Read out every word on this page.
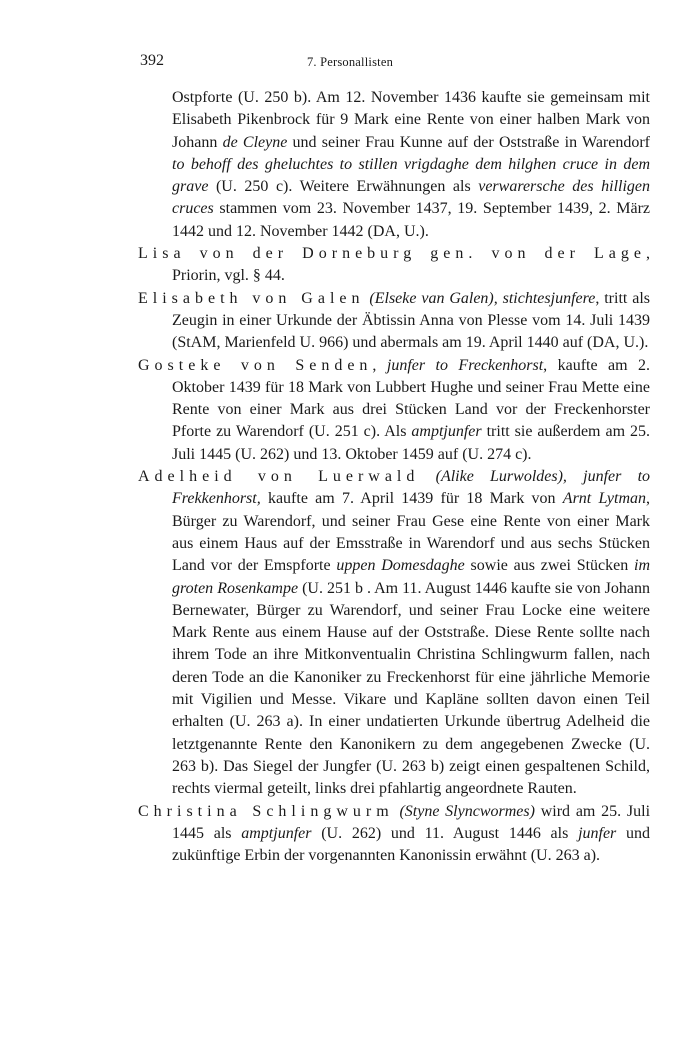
392	7. Personallisten

Ostpforte (U. 250 b). Am 12. November 1436 kaufte sie gemeinsam mit Elisabeth Pikenbrock für 9 Mark eine Rente von einer halben Mark von Johann de Cleyne und seiner Frau Kunne auf der Oststraße in Warendorf to behoff des gheluchtes to stillen vrigdaghe dem hilghen cruce in dem grave (U. 250 c). Weitere Erwähnungen als verwarersche des hilligen cruces stammen vom 23. November 1437, 19. September 1439, 2. März 1442 und 12. November 1442 (DA, U.).

Lisa von der Dorneburg gen. von der Lage, Priorin, vgl. § 44.

Elisabeth von Galen (Elseke van Galen), stichtesjunfere, tritt als Zeugin in einer Urkunde der Äbtissin Anna von Plesse vom 14. Juli 1439 (StAM, Marienfeld U. 966) und abermals am 19. April 1440 auf (DA, U.).

Gosteke von Senden, junfer to Freckenhorst, kaufte am 2. Oktober 1439 für 18 Mark von Lubbert Hughe und seiner Frau Mette eine Rente von einer Mark aus drei Stücken Land vor der Freckenhorster Pforte zu Warendorf (U. 251 c). Als amptjunfer tritt sie außerdem am 25. Juli 1445 (U. 262) und 13. Oktober 1459 auf (U. 274 c).

Adelheid von Luerwald (Alike Lurwoldes), junfer to Frekkenhorst, kaufte am 7. April 1439 für 18 Mark von Arnt Lytman, Bürger zu Warendorf, und seiner Frau Gese eine Rente von einer Mark aus einem Haus auf der Emsstraße in Warendorf und aus sechs Stücken Land vor der Emspforte uppen Domesdaghe sowie aus zwei Stücken im groten Rosenkampe (U. 251 b . Am 11. August 1446 kaufte sie von Johann Bernewater, Bürger zu Warendorf, und seiner Frau Locke eine weitere Mark Rente aus einem Hause auf der Oststraße. Diese Rente sollte nach ihrem Tode an ihre Mitkonventualin Christina Schlingwurm fallen, nach deren Tode an die Kanoniker zu Freckenhorst für eine jährliche Memorie mit Vigilien und Messe. Vikare und Kapläne sollten davon einen Teil erhalten (U. 263 a). In einer undatierten Urkunde übertrug Adelheid die letztgenannte Rente den Kanonikern zu dem angegebenen Zwecke (U. 263 b). Das Siegel der Jungfer (U. 263 b) zeigt einen gespaltenen Schild, rechts viermal geteilt, links drei pfahlartig angeordnete Rauten.

Christina Schlingwurm (Styne Slyncwormes) wird am 25. Juli 1445 als amptjunfer (U. 262) und 11. August 1446 als junfer und zukünftige Erbin der vorgenannten Kanonissin erwähnt (U. 263 a).
